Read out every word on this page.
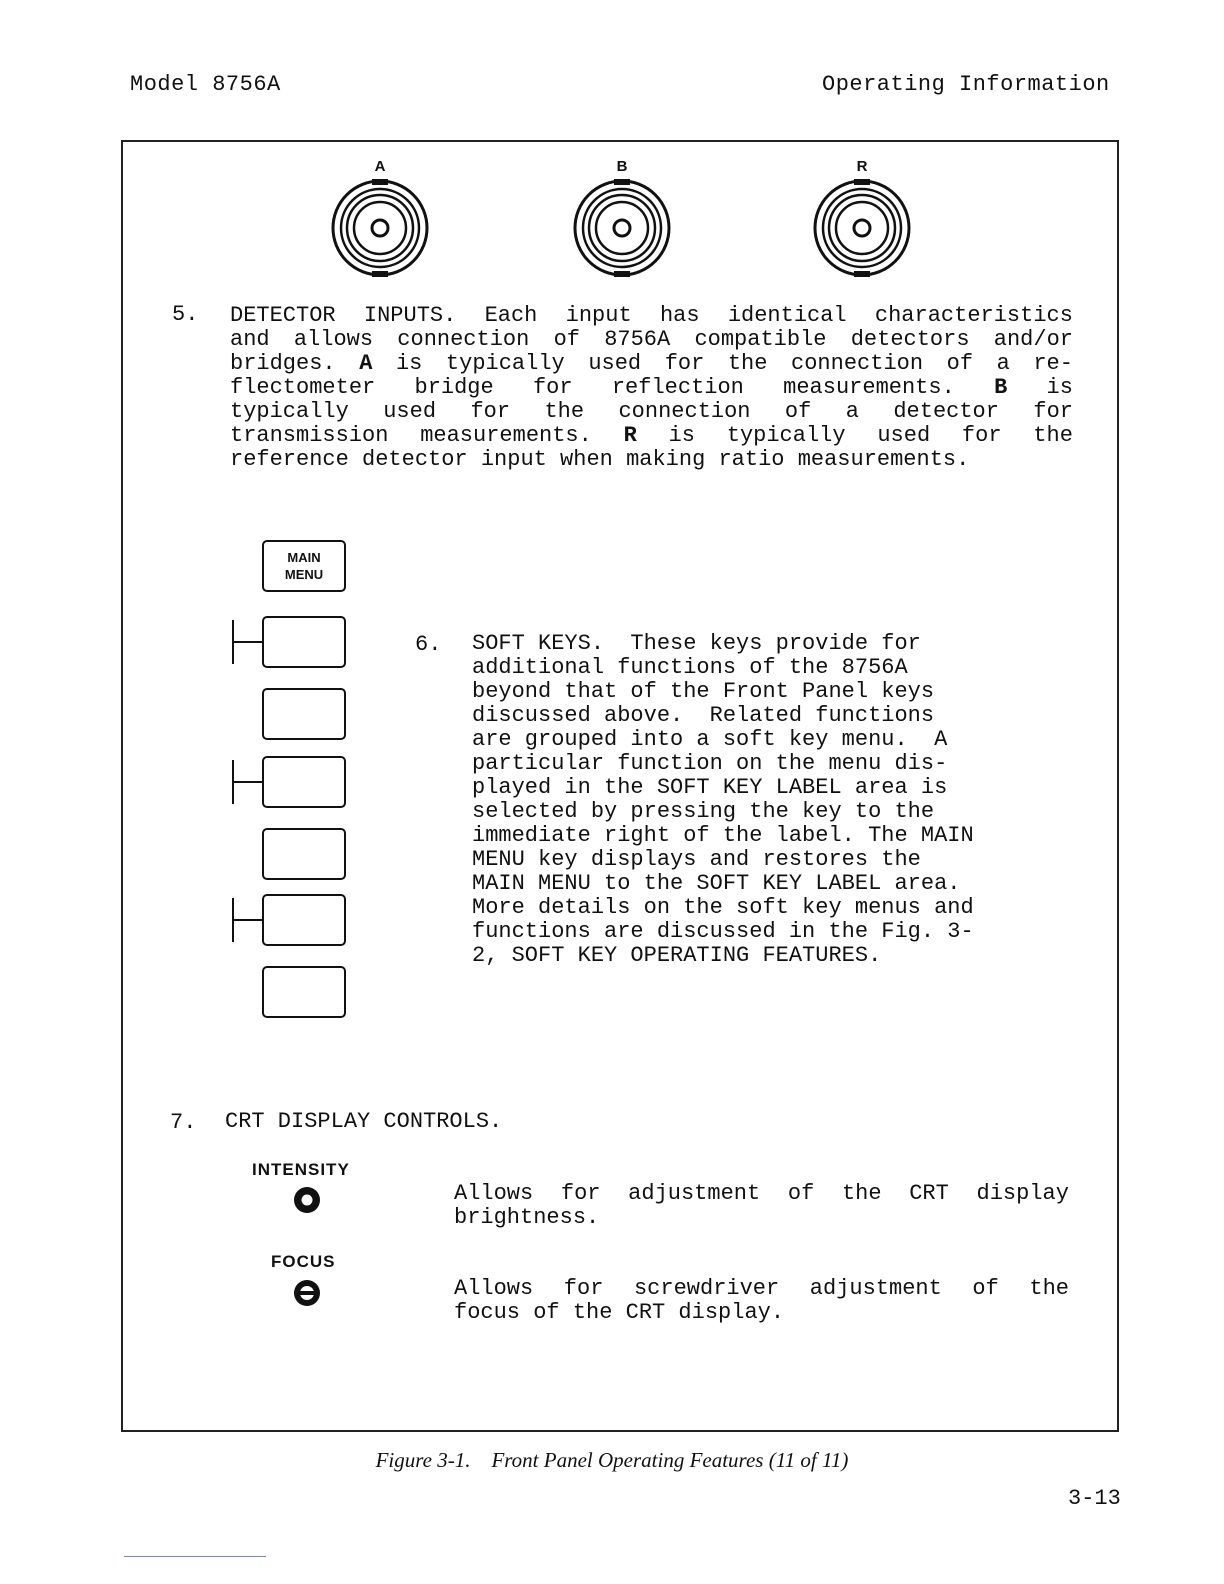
Model 8756A	Operating Information
A	B	R
5. DETECTOR INPUTS. Each input has identical characteristics
and allows connection of 8756A compatible detectors and/or
bridges. A is typically used for the connection of a re-
flectometer bridge for reflection measurements. B is
typically used for the connection of a detector for
transmission measurements. R is typically used for the
reference detector input when making ratio measurements.
MAIN
MENU
6. SOFT KEYS.  These keys provide for
additional functions of the 8756A
beyond that of the Front Panel keys
discussed above.  Related functions
are grouped into a soft key menu.  A
particular function on the menu dis-
played in the SOFT KEY LABEL area is
selected by pressing the key to the
immediate right of the label. The MAIN
MENU key displays and restores the
MAIN MENU to the SOFT KEY LABEL area.
More details on the soft key menus and
functions are discussed in the Fig. 3-
2, SOFT KEY OPERATING FEATURES.
7. CRT DISPLAY CONTROLS.
INTENSITY
Allows for adjustment of the CRT display
brightness.
FOCUS
Allows for screwdriver adjustment of the
focus of the CRT display.
Figure 3-1.    Front Panel Operating Features (11 of 11)
3-13
